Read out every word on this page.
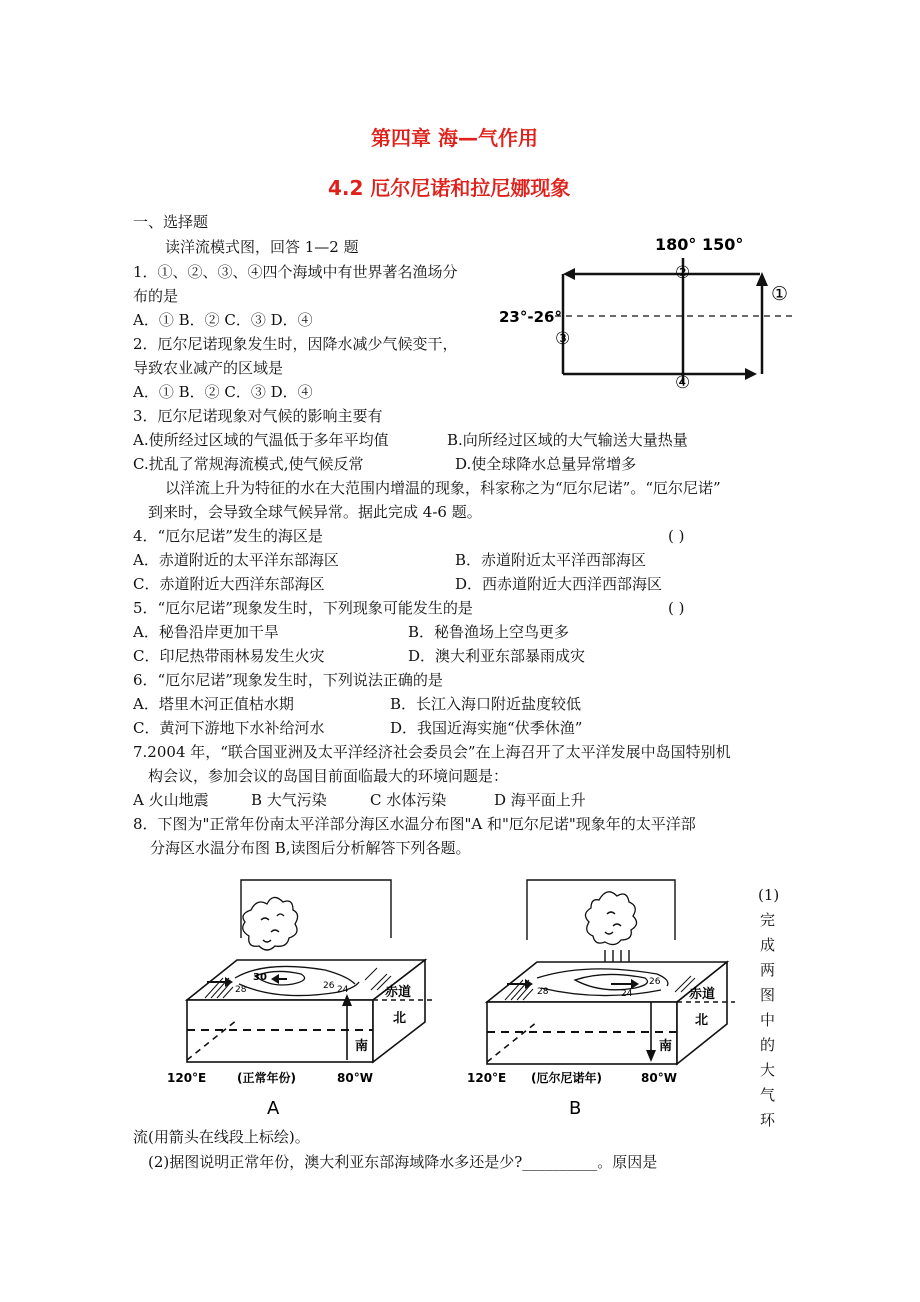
第四章 海—气作用
4.2 厄尔尼诺和拉尼娜现象
一、选择题
读洋流模式图，回答 1—2 题
1．①、②、③、④四个海域中有世界著名渔场分
布的是
A．① B．② C．③ D．④
2．厄尔尼诺现象发生时，因降水减少气候变干，
导致农业减产的区域是
A．① B．② C．③ D．④
180° 150°
23°-26°
②
③
④
①
3．厄尔尼诺现象对气候的影响主要有
A.使所经过区域的气温低于多年平均值	B.向所经过区域的大气输送大量热量
C.扰乱了常规海流模式,使气候反常	D.使全球降水总量异常增多
以洋流上升为特征的水在大范围内增温的现象，科家称之为“厄尔尼诺”。“厄尔尼诺”
到来时，会导致全球气候异常。据此完成 4-6 题。
4．“厄尔尼诺”发生的海区是	( )
A．赤道附近的太平洋东部海区	B．赤道附近太平洋西部海区
C．赤道附近大西洋东部海区	D．西赤道附近大西洋西部海区
5．“厄尔尼诺”现象发生时，下列现象可能发生的是	( )
A．秘鲁沿岸更加干旱	B．秘鲁渔场上空鸟更多
C．印尼热带雨林易发生火灾	D．澳大利亚东部暴雨成灾
6．“厄尔尼诺”现象发生时，下列说法正确的是
A．塔里木河正值枯水期	B．长江入海口附近盐度较低
C．黄河下游地下水补给河水	D．我国近海实施“伏季休渔”
7.2004 年，“联合国亚洲及太平洋经济社会委员会”在上海召开了太平洋发展中岛国特别机
构会议，参加会议的岛国目前面临最大的环境问题是：
A 火山地震	B 大气污染	C 水体污染	D 海平面上升
8．下图为"正常年份南太平洋部分海区水温分布图"A 和"厄尔尼诺"现象年的太平洋部
分海区水温分布图 B,读图后分析解答下列各题。
30
28	26 24	赤道
北
南
120°E	(正常年份)	80°W
A
28	24
26
赤道
北
南
120°E (厄尔尼诺年)	80°W
B
(1)
完
成
两
图
中
的
大
气
环
流(用箭头在线段上标绘)。
(2)据图说明正常年份，澳大利亚东部海域降水多还是少?__________。原因是
